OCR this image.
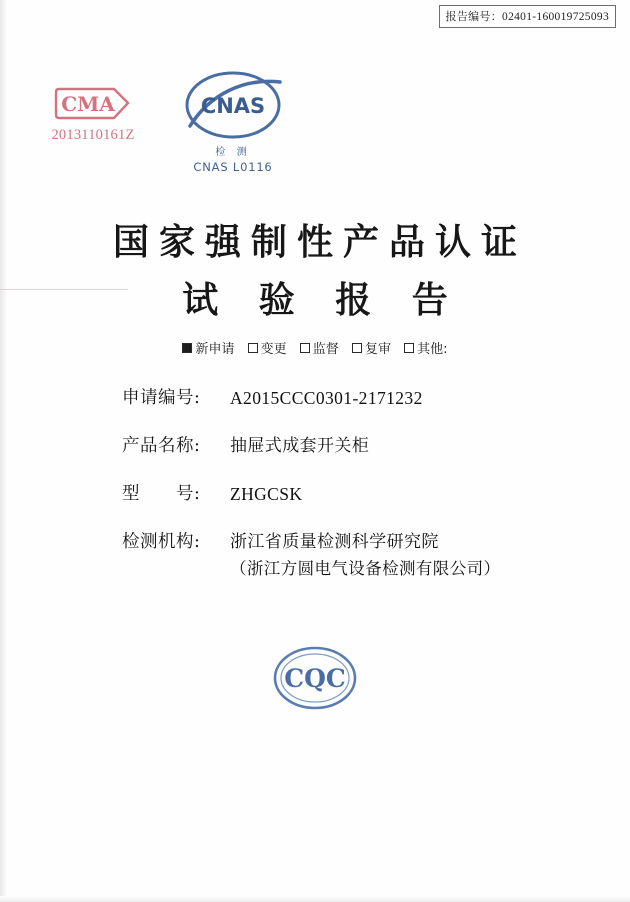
报告编号：02401-160019725093
CMA
2013110161Z
CNAS
检 测
CNAS L0116
国家强制性产品认证
试 验 报 告
新申请 变更 监督 复审 其他:
申请编号:	A2015CCC0301-2171232
产品名称:	抽屉式成套开关柜
型　　号:	ZHGCSK
检测机构:	浙江省质量检测科学研究院
（浙江方圆电气设备检测有限公司）
CQC
